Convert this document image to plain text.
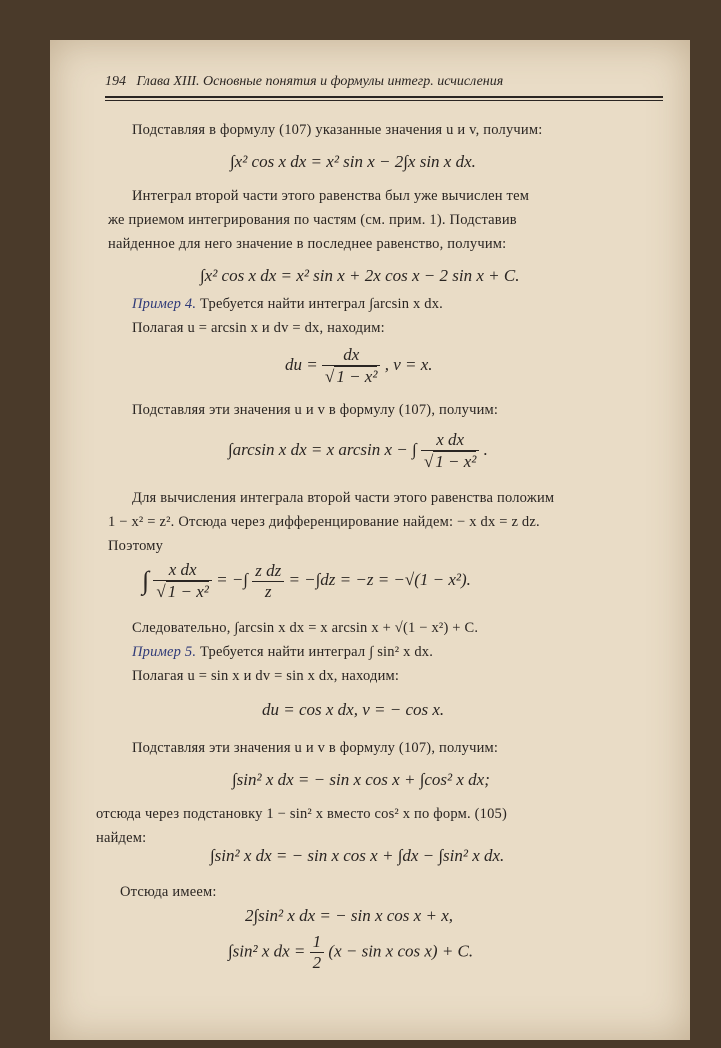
194 Глава XIII. Основные понятия и формулы интегр. исчисления
Подставляя в формулу (107) указанные значения u и v, получим:
∫x² cos x dx = x² sin x − 2∫x sin x dx.
Интеграл второй части этого равенства был уже вычислен тем
же приемом интегрирования по частям (см. прим. 1). Подставив
найденное для него значение в последнее равенство, получим:
∫x² cos x dx = x² sin x + 2x cos x − 2 sin x + C.
Пример 4. Требуется найти интеграл ∫arcsin x dx.
Полагая u = arcsin x и dv = dx, находим:
du = $\frac{dx}{\text{√ 1 − x²}}$ , v = x.
Подставляя эти значения u и v в формулу (107), получим:
∫arcsin x dx = x arcsin x − ∫ $\frac{\text{x dx}}{\text{√ 1 − x²}}$ .
Для вычисления интеграла второй части этого равенства положим
1 − x² = z². Отсюда через дифференцирование найдем: − x dx = z dz.
Поэтому
∫ $\frac{\text{x dx}}{\text{√ 1 − x²}}$ = −∫ $\frac{\text{z dz}}{z} = -\int dz = -z = -√(1 - x^2)$.
Следовательно, ∫arcsin x dx = x arcsin x + √(1 − x²) + C.
Пример 5. Требуется найти интеграл ∫ sin² x dx.
Полагая u = sin x и dv = sin x dx, находим:
du = cos x dx, v = − cos x.
Подставляя эти значения u и v в формулу (107), получим:
∫sin² x dx = − sin x cos x + ∫cos² x dx;
отсюда через подстановку 1 − sin² x вместо cos² x по форм. (105)
найдем:
∫sin² x dx = − sin x cos x + ∫dx − ∫sin² x dx.
Отсюда имеем:
2∫sin² x dx = − sin x cos x + x,
∫sin² x dx = $\frac{1}{2} (x - \sin x$ cos x) + C.
